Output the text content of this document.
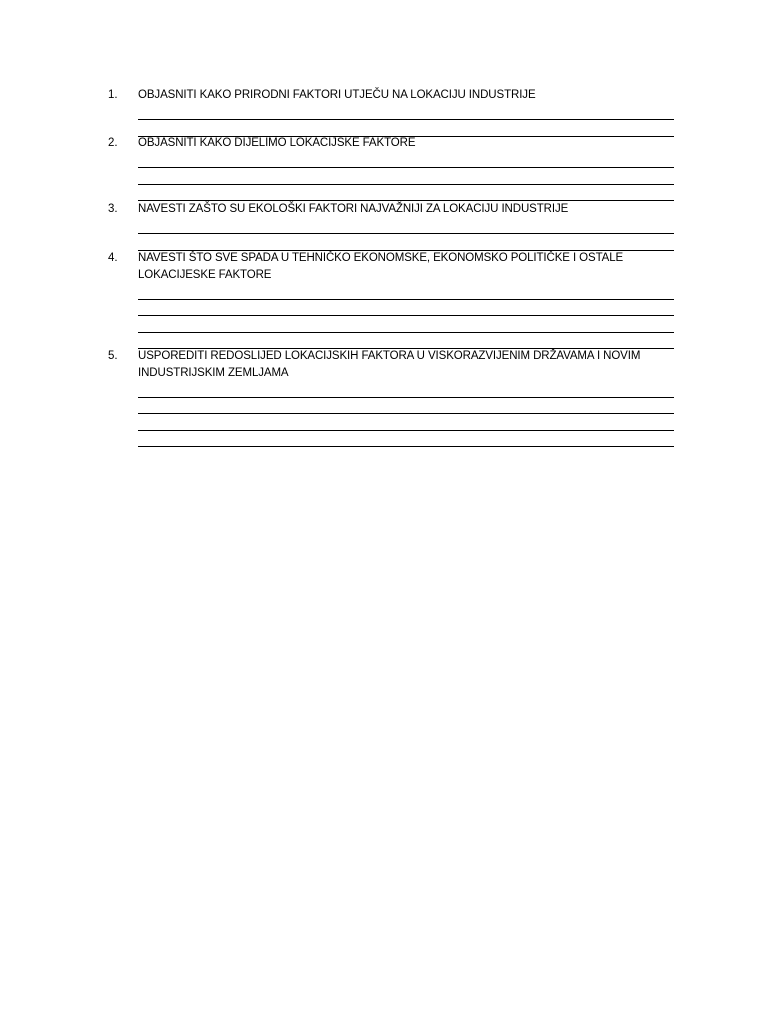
1.	OBJASNITI KAKO PRIRODNI FAKTORI UTJEČU NA LOKACIJU INDUSTRIJE
2.	OBJASNITI KAKO DIJELIMO LOKACIJSKE FAKTORE
3.	NAVESTI ZAŠTO SU EKOLOŠKI FAKTORI NAJVAŽNIJI ZA LOKACIJU INDUSTRIJE
4.	NAVESTI ŠTO SVE SPADA U TEHNIČKO EKONOMSKE, EKONOMSKO POLITIČKE I OSTALE LOKACIJESKE FAKTORE
5.	USPOREDITI REDOSLIJED LOKACIJSKIH FAKTORA U VISKORAZVIJENIM DRŽAVAMA I NOVIM INDUSTRIJSKIM ZEMLJAMA
